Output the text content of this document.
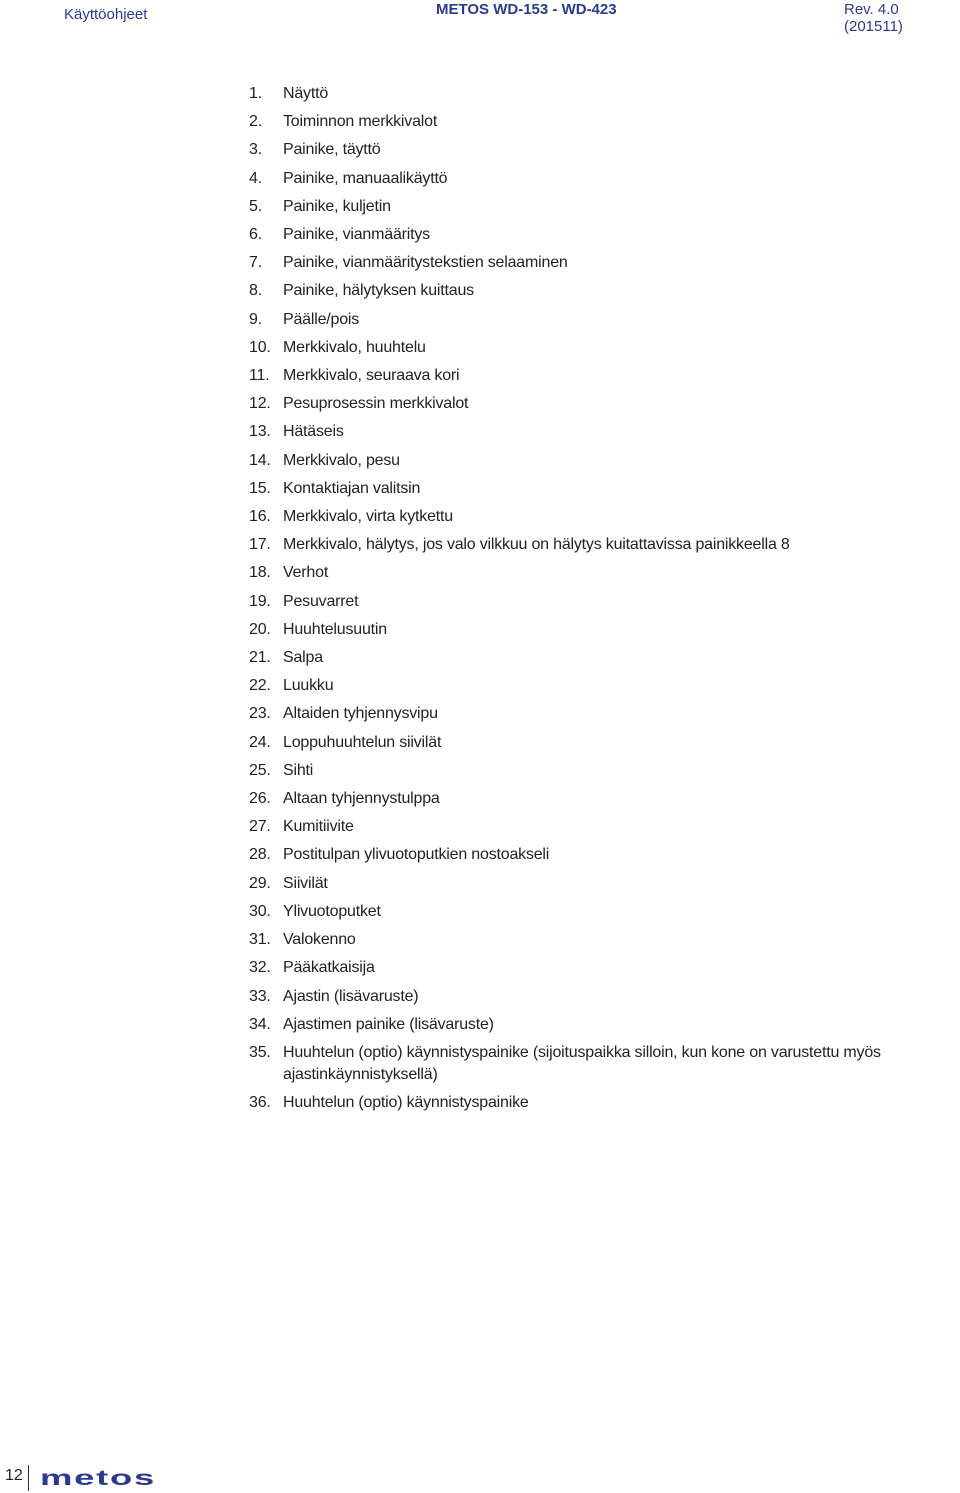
Käyttöohjeet	METOS WD-153 - WD-423	Rev. 4.0 (201511)
1.	Näyttö
2.	Toiminnon merkkivalot
3.	Painike, täyttö
4.	Painike, manuaalikäyttö
5.	Painike, kuljetin
6.	Painike, vianmääritys
7.	Painike, vianmääritystekstien selaaminen
8.	Painike, hälytyksen kuittaus
9.	Päälle/pois
10. Merkkivalo, huuhtelu
11. Merkkivalo, seuraava kori
12. Pesuprosessin merkkivalot
13. Hätäseis
14. Merkkivalo, pesu
15. Kontaktiajan valitsin
16. Merkkivalo, virta kytkettu
17. Merkkivalo, hälytys, jos valo vilkkuu on hälytys kuitattavissa painikkeella 8
18. Verhot
19. Pesuvarret
20. Huuhtelusuutin
21. Salpa
22. Luukku
23. Altaiden tyhjennysvipu
24. Loppuhuuhtelun siivilät
25. Sihti
26. Altaan tyhjennystulppa
27. Kumitiivite
28. Postitulpan ylivuotoputkien nostoakseli
29. Siivilät
30. Ylivuotoputket
31. Valokenno
32. Pääkatkaisija
33. Ajastin (lisävaruste)
34. Ajastimen painike (lisävaruste)
35. Huuhtelun (optio) käynnistyspainike (sijoituspaikka silloin, kun kone on varustettu myös ajastinkäynnistyksellä)
36. Huuhtelun (optio) käynnistyspainike
12 metos
